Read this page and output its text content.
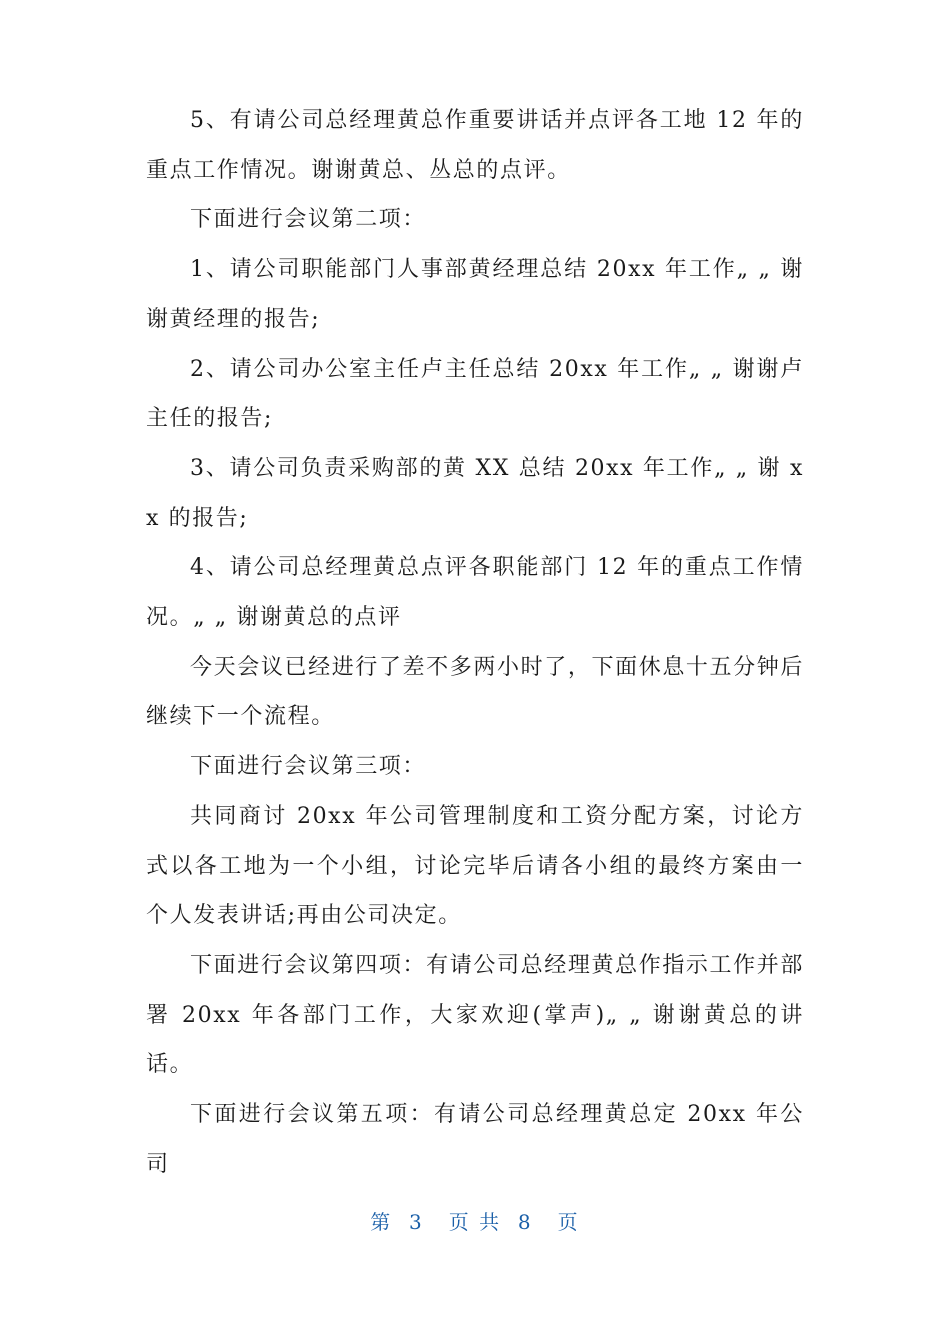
5、有请公司总经理黄总作重要讲话并点评各工地 12 年的重点工作情况。谢谢黄总、丛总的点评。

下面进行会议第二项：

1、请公司职能部门人事部黄经理总结 20xx 年工作„ „ 谢谢黄经理的报告;

2、请公司办公室主任卢主任总结 20xx 年工作„ „ 谢谢卢主任的报告;

3、请公司负责采购部的黄 XX 总结 20xx 年工作„ „ 谢 xx 的报告;

4、请公司总经理黄总点评各职能部门 12 年的重点工作情况。„ „ 谢谢黄总的点评

今天会议已经进行了差不多两小时了，下面休息十五分钟后继续下一个流程。

下面进行会议第三项：

共同商讨 20xx 年公司管理制度和工资分配方案，讨论方式以各工地为一个小组，讨论完毕后请各小组的最终方案由一个人发表讲话;再由公司决定。

下面进行会议第四项：有请公司总经理黄总作指示工作并部署 20xx 年各部门工作，大家欢迎(掌声)„ „ 谢谢黄总的讲话。

下面进行会议第五项：有请公司总经理黄总定 20xx 年公司

第  3   页 共  8   页
